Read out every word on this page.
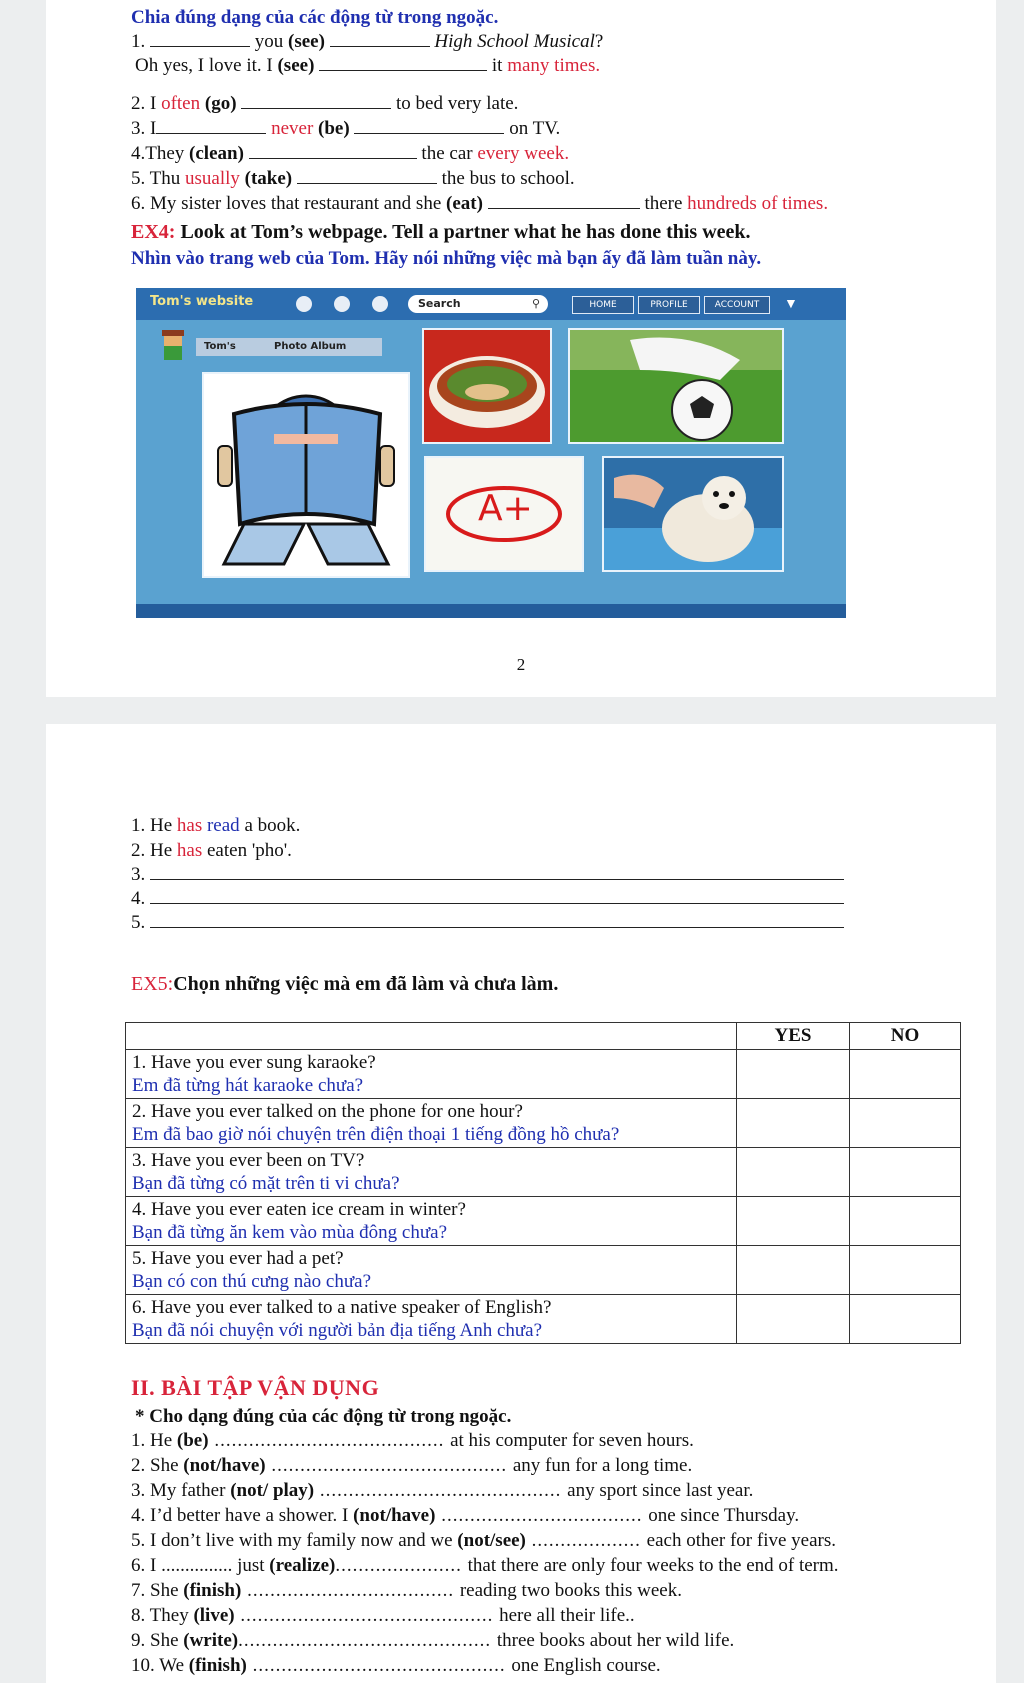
Chia đúng dạng của các động từ trong ngoặc.
1.	you (see)	High School Musical?
Oh yes, I love it. I (see)	it many times.
2. I often (go)	to bed very late.
3. I	never (be)	on TV.
4.They (clean)	the car every week.
5. Thu usually (take)	the bus to school.
6. My sister loves that restaurant and she (eat)	there hundreds of times.
EX4: Look at Tom’s webpage. Tell a partner what he has done this week.
Nhìn vào trang web của Tom. Hãy nói những việc mà bạn ấy đã làm tuần này.
Tom's website	Search	⚲	HOME	PROFILE	ACCOUNT	▼
Tom's	Photo Album
A+
2
1. He has read a book.
2. He has eaten 'pho'.
3.
4.
5.
EX5:Chọn những việc mà em đã làm và chưa làm.
	YES	NO

1. Have you ever sung karaoke?
Em đã từng hát karaoke chưa?		

2. Have you ever talked on the phone for one hour?
Em đã bao giờ nói chuyện trên điện thoại 1 tiếng đồng hồ chưa?		

3. Have you ever been on TV?
Bạn đã từng có mặt trên ti vi chưa?		

4. Have you ever eaten ice cream in winter?
Bạn đã từng ăn kem vào mùa đông chưa?		

5. Have you ever had a pet?
Bạn có con thú cưng nào chưa?		

6. Have you ever talked to a native speaker of English?
Bạn đã nói chuyện với người bản địa tiếng Anh chưa?		

II. BÀI TẬP VẬN DỤNG
* Cho dạng đúng của các động từ trong ngoặc.
1. He (be) ........................................ at his computer for seven hours.
2. She (not/have) ......................................... any fun for a long time.
3. My father (not/ play) .......................................... any sport since last year.
4. I’d better have a shower. I (not/have) ................................... one since Thursday.
5. I don’t live with my family now and we (not/see) ................... each other for five years.
6. I ............... just (realize)...................... that there are only four weeks to the end of term.
7. She (finish) .................................... reading two books this week.
8. They (live) ............................................ here all their life..
9. She (write)............................................ three books about her wild life.
10. We (finish) ............................................ one English course.
